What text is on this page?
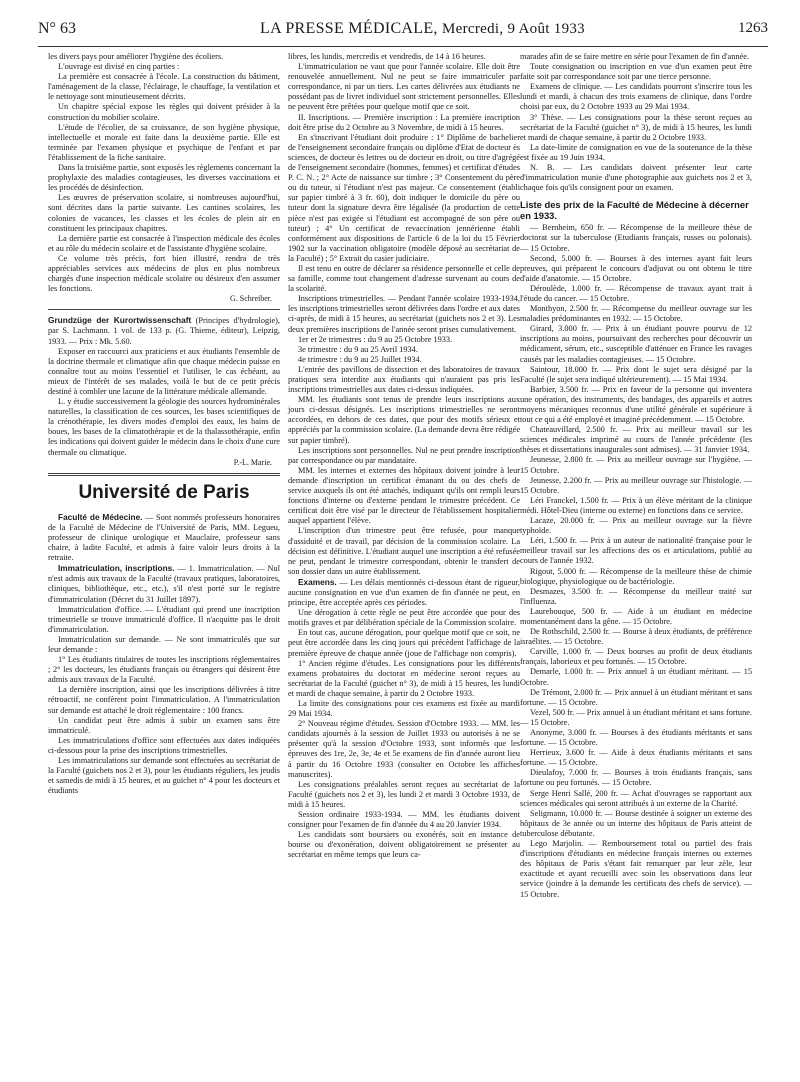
N° 63	LA PRESSE MÉDICALE, Mercredi, 9 Août 1933	1263

les divers pays pour améliorer l'hygiène des écoliers.

L'ouvrage est divisé en cinq parties :

La première est consacrée à l'école. La construction du bâtiment, l'aménagement de la classe, l'éclairage, le chauffage, la ventilation et le nettoyage sont minutieusement décrits.

Un chapitre spécial expose les règles qui doivent présider à la construction du mobilier scolaire.

L'étude de l'écolier, de sa croissance, de son hygiène physique, intellectuelle et morale est faite dans la deuxième partie. Elle est terminée par l'examen physique et psychique de l'enfant et par l'établissement de la fiche sanitaire.

Dans la troisième partie, sont exposés les règlements concernant la prophylaxie des maladies contagieuses, les diverses vaccinations et les procédés de désinfection.

Les œuvres de préservation scolaire, si nombreuses aujourd'hui, sont décrites dans la partie suivante. Les cantines scolaires, les colonies de vacances, les classes et les écoles de plein air en constituent les principaux chapitres.

La dernière partie est consacrée à l'inspection médicale des écoles et au rôle du médecin scolaire et de l'assistante d'hygiène scolaire.

Ce volume très précis, fort bien illustré, rendra de très appréciables services aux médecins de plus en plus nombreux chargés d'une inspection médicale scolaire ou désireux d'en assumer les fonctions.

G. Schreiber.

Grundzüge der Kurortwissenschaft (Principes d'hydrologie), par S. Lachmann. 1 vol. de 133 p. (G. Thieme, éditeur), Leipzig, 1933. — Prix : Mk. 5.60.

Exposer en raccourci aux praticiens et aux étudiants l'ensemble de la doctrine thermale et climatique afin que chaque médecin puisse en connaître tout au moins l'essentiel et l'utiliser, le cas échéant, au mieux de l'intérêt de ses malades, voilà le but de ce petit précis destiné à combler une lacune de la littérature médicale allemande.

L. y étudie successivement la géologie des sources hydrominérales naturelles, la classification de ces sources, les bases scientifiques de la crénothérapie, les divers modes d'emploi des eaux, les bains de boues, les bases de la climatothérapie et de la thalassothérapie, enfin les indications qui doivent guider le médecin dans le choix d'une cure thermale ou climatique.

P.-L. Marie.
Université de Paris

Faculté de Médecine. — Sont nommés professeurs honoraires de la Faculté de Médecine de l'Université de Paris, MM. Legueu, professeur de clinique urologique et Mauclaire, professeur sans chaire, à ladite Faculté, et admis à faire valoir leurs droits à la retraite.

Immatriculation, inscriptions. — 1. Immatriculation. — Nul n'est admis aux travaux de la Faculté (travaux pratiques, laboratoires, cliniques, bibliothèque, etc., etc.), s'il n'est porté sur le registre d'immatriculation (Décret du 31 Juillet 1897).

Immatriculation d'office. — L'étudiant qui prend une inscription trimestrielle se trouve immatriculé d'office. Il n'acquitte pas le droit d'immatriculation.

Immatriculation sur demande. — Ne sont immatriculés que sur leur demande :

1° Les étudiants titulaires de toutes les inscriptions réglementaires ; 2° les docteurs, les étudiants français ou étrangers qui désirent être admis aux travaux de la Faculté.

La dernière inscription, ainsi que les inscriptions délivrées à titre rétroactif, ne confèrent point l'immatriculation. A l'immatriculation sur demande est attaché le droit réglementaire : 100 francs.

Un candidat peut être admis à subir un examen sans être immatriculé.

Les immatriculations d'office sont effectuées aux dates indiquées ci-dessous pour la prise des inscriptions trimestrielles.

Les immatriculations sur demande sont effectuées au secrétariat de la Faculté (guichets nos 2 et 3), pour les étudiants réguliers, les jeudis et samedis de midi à 15 heures, et au guichet n° 4 pour les docteurs et étudiants

libres, les lundis, mercredis et vendredis, de 14 à 16 heures.

L'immatriculation ne vaut que pour l'année scolaire. Elle doit être renouvelée annuellement. Nul ne peut se faire immatriculer par correspondance, ni par un tiers. Les cartes délivrées aux étudiants ne possédant pas de livret individuel sont strictement personnelles. Elles ne peuvent être prêtées pour quelque motif que ce soit.

II. Inscriptions. — Première inscription : La première inscription doit être prise du 2 Octobre au 3 Novembre, de midi à 15 heures.

En s'inscrivant l'étudiant doit produire : 1° Diplôme de bachelier de l'enseignement secondaire français ou diplôme d'Etat de docteur ès sciences, de docteur ès lettres ou de docteur en droit, ou titre d'agrégé de l'enseignement secondaire (hommes, femmes) et certificat d'études P. C. N. ; 2° Acte de naissance sur timbre ; 3° Consentement du père ou du tuteur, si l'étudiant n'est pas majeur. Ce consentement (établi sur papier timbré à 3 fr. 60), doit indiquer le domicile du père ou tuteur dont la signature devra être légalisée (la production de cette pièce n'est pas exigée si l'étudiant est accompagné de son père ou tuteur) ; 4° Un certificat de revaccination jennérienne établi conformément aux dispositions de l'article 6 de la loi du 15 Février 1902 sur la vaccination obligatoire (modèle déposé au secrétariat de la Faculté) ; 5° Extrait du casier judiciaire.

Il est tenu en outre de déclarer sa résidence personnelle et celle de sa famille, comme tout changement d'adresse survenant au cours de la scolarité.

Inscriptions trimestrielles. — Pendant l'année scolaire 1933-1934, les inscriptions trimestrielles seront délivrées dans l'ordre et aux dates ci-après, de midi à 15 heures, au secrétariat (guichets nos 2 et 3). Les deux premières inscriptions de l'année seront prises cumulativement.

1er et 2e trimestres : du 9 au 25 Octobre 1933.

3e trimestre : du 9 au 25 Avril 1934.

4e trimestre : du 9 au 25 Juillet 1934.

L'entrée des pavillons de dissection et des laboratoires de travaux pratiques sera interdite aux étudiants qui n'auraient pas pris les inscriptions trimestrielles aux dates ci-dessus indiquées.

MM. les étudiants sont tenus de prendre leurs inscriptions aux jours ci-dessus désignés. Les inscriptions trimestrielles ne seront accordées, en dehors de ces dates, que pour des motifs sérieux et appréciés par la commission scolaire. (La demande devra être rédigée sur papier timbré).

Les inscriptions sont personnelles. Nul ne peut prendre inscription par correspondance ou par mandataire.

MM. les internes et externes des hôpitaux doivent joindre à leur demande d'inscription un certificat émanant du ou des chefs de service auxquels ils ont été attachés, indiquant qu'ils ont rempli leurs fonctions d'interne ou d'externe pendant le trimestre précédent. Ce certificat doit être visé par le directeur de l'établissement hospitalier auquel appartient l'élève.

L'inscription d'un trimestre peut être refusée, pour manque d'assiduité et de travail, par décision de la commission scolaire. La décision est définitive. L'étudiant auquel une inscription a été refusée ne peut, pendant le trimestre correspondant, obtenir le transfert de son dossier dans un autre établissement.

Examens. — Les délais mentionnés ci-dessous étant de rigueur, aucune consignation en vue d'un examen de fin d'année ne peut, en principe, être acceptée après ces périodes.

Une dérogation à cette règle ne peut être accordée que pour des motifs graves et par délibération spéciale de la Commission scolaire.

En tout cas, aucune dérogation, pour quelque motif que ce soit, ne peut être accordée dans les cinq jours qui précèdent l'affichage de la première épreuve de chaque année (joue de l'affichage non compris).

1° Ancien régime d'études. Les consignations pour les différents examens probatoires du doctorat en médecine seront reçues au secrétariat de la Faculté (guichet n° 3), de midi à 15 heures, les lundi et mardi de chaque semaine, à partir du 2 Octobre 1933.

La limite des consignations pour ces examens est fixée au mardi 29 Mai 1934.

2° Nouveau régime d'études. Session d'Octobre 1933. — MM. les candidats ajournés à la session de Juillet 1933 ou autorisés à ne se présenter qu'à la session d'Octobre 1933, sont informés que les épreuves des 1re, 2e, 3e, 4e et 5e examens de fin d'année auront lieu à partir du 16 Octobre 1933 (consulter en Octobre les affiches manuscrites).

Les consignations préalables seront reçues au secrétariat de la Faculté (guichets nos 2 et 3), les lundi 2 et mardi 3 Octobre 1933, de midi à 15 heures.

Session ordinaire 1933-1934. — MM. les étudiants doivent consigner pour l'examen de fin d'année du 4 au 20 Janvier 1934.

Les candidats sont boursiers ou exonérés, soit en instance de bourse ou d'exonération, doivent obligatoirement se présenter au secrétariat en même temps que leurs ca-

marades afin de se faire mettre en série pour l'examen de fin d'année.

Toute consignation ou inscription en vue d'un examen peut être faite soit par correspondance soit par une tierce personne.

Examens de clinique. — Les candidats pourront s'inscrire tous les lundi et mardi, à chacun des trois examens de clinique, dans l'ordre choisi par eux, du 2 Octobre 1933 au 29 Mai 1934.

3° Thèse. — Les consignations pour la thèse seront reçues au secrétariat de la Faculté (guichet n° 3), de midi à 15 heures, les lundi et mardi de chaque semaine, à partir du 2 Octobre 1933.

La date-limite de consignation en vue de la soutenance de la thèse est fixée au 19 Juin 1934.

N. B. — Les candidats doivent présenter leur carte d'immatriculation munie d'une photographie aux guichets nos 2 et 3, chaque fois qu'ils consignent pour un examen.

Liste des prix de la Faculté de Médecine à décerner en 1933.

— Bernheim, 650 fr. — Récompense de la meilleure thèse de doctorat sur la tuberculose (Etudiants français, russes ou polonais). — 15 Octobre.

Second, 5.000 fr. — Bourses à des internes ayant fait leurs preuves, qui préparent le concours d'adjuvat ou ont obtenu le titre d'aide d'anatomie. — 15 Octobre.

Déroulède, 1.000 fr. — Récompense de travaux ayant trait à l'étude du cancer. — 15 Octobre.

Monthyon, 2.500 fr. — Récompense du meilleur ouvrage sur les maladies prédominantes en 1932. — 15 Octobre.

Girard, 3.000 fr. — Prix à un étudiant pouvre pourvu de 12 inscriptions au moins, poursuivant des recherches pour découvrir un médicament, sérum, etc., susceptible d'atténuer en France les ravages causés par les maladies contagieuses. — 15 Octobre.

Saintour, 18.000 fr. — Prix dont le sujet sera désigné par la Faculté (le sujet sera indiqué ultérieurement). — 15 Mai 1934.

Barbier, 3.500 fr. — Prix en faveur de la personne qui inventera une opération, des instruments, des bandages, des appareils et autres moyens mécaniques reconnus d'une utilité générale et supérieure à tout ce qui a été employé et imaginé précédemment. — 15 Octobre.

Chateauvillard, 2.500 fr. — Prix au meilleur travail sur les sciences médicales imprimé au cours de l'année précédente (les thèses et dissertations inaugurales sont admises). — 31 Janvier 1934.

Jeunesse, 2.800 fr. — Prix au meilleur ouvrage sur l'hygiène. — 15 Octobre.

Jeunesse, 2.200 fr. — Prix au meilleur ouvrage sur l'histologie. — 15 Octobre.

Léri Franckel, 1.500 fr. — Prix à un élève méritant de la clinique médi. Hôtel-Dieu (interne ou externe) en fonctions dans ce service.

Lacaze, 20.000 fr. — Prix au meilleur ouvrage sur la fièvre typhoïde.

Léri, 1.500 fr. — Prix à un auteur de nationalité française pour le meilleur travail sur les affections des os et articulations, publié au cours de l'année 1932.

Rigout, 5.000 fr. — Récompense de la meilleure thèse de chimie biologique, physiologique ou de bactériologie.

Desmazes, 3.500 fr. — Récompense du meilleur traité sur l'influenza.

Laurebouque, 500 fr. — Aide à un étudiant en médecine momentanément dans la gêne. — 15 Octobre.

De Rothschild, 2.500 fr. — Bourse à deux étudiants, de préférence israélites. — 15 Octobre.

Carville, 1.000 fr. — Deux bourses au profit de deux étudiants français, laborieux et peu fortunés. — 15 Octobre.

Demarle, 1.000 fr. — Prix annuel à un étudiant méritant. — 15 Octobre.

De Trémont, 2.000 fr. — Prix annuel à un étudiant méritant et sans fortune. — 15 Octobre.

Vezel, 500 fr. — Prix annuel à un étudiant méritant et sans fortune. — 15 Octobre.

Anonyme, 3.000 fr. — Bourses à des étudiants méritants et sans fortune. — 15 Octobre.

Herrieux, 3.600 fr. — Aide à deux étudiants méritants et sans fortune. — 15 Octobre.

Dieulafoy, 7.000 fr. — Bourses à trois étudiants français, sans fortune ou peu fortunés. — 15 Octobre.

Serge Henri Sallé, 200 fr. — Achat d'ouvrages se rapportant aux sciences médicales qui seront attribués à un externe de la Charité.

Seligmann, 10.000 fr. — Bourse destinée à soigner un externe des hôpitaux de 3e année ou un interne des hôpitaux de Paris atteint de tuberculose débutante.

Lego Marjolin. — Remboursement total ou partiel des frais d'inscriptions d'étudiants en médecine français internes ou externes des hôpitaux de Paris s'étant fait remarquer par leur zèle, leur exactitude et ayant recueilli avec soin les observations dans leur service (joindre à la demande les certificats des chefs de service). — 15 Octobre.
